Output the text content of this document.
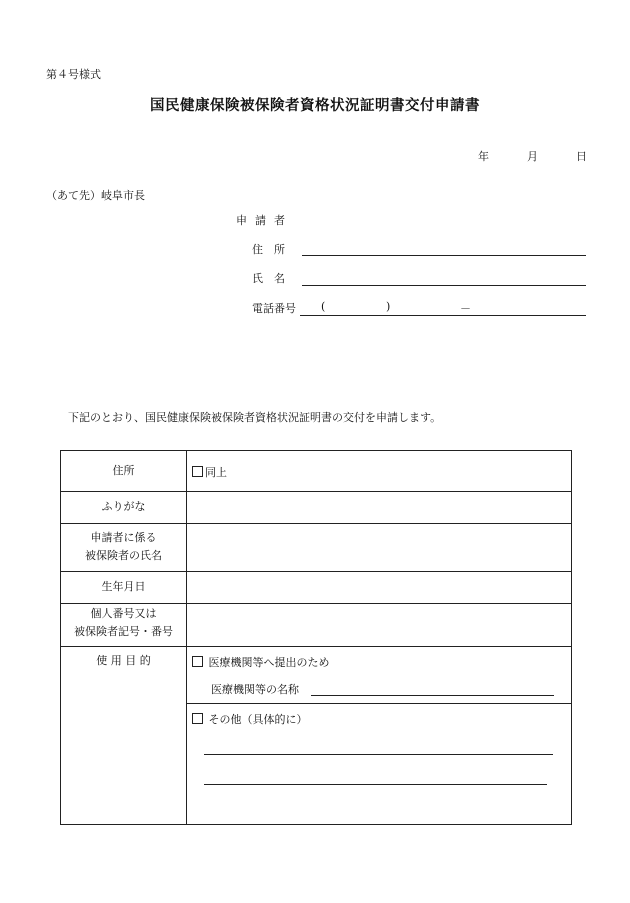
第４号様式
国民健康保険被保険者資格状況証明書交付申請書
年	月	日
（あて先）岐阜市長
申請者
住　所
氏　名
電話番号 (	)	－
下記のとおり、国民健康保険被保険者資格状況証明書の交付を申請します。
住所	同上
ふりがな
申請者に係る
被保険者の氏名
生年月日
個人番号又は
被保険者記号・番号
使 用 目 的	医療機関等へ提出のため
医療機関等の名称
その他（具体的に）
